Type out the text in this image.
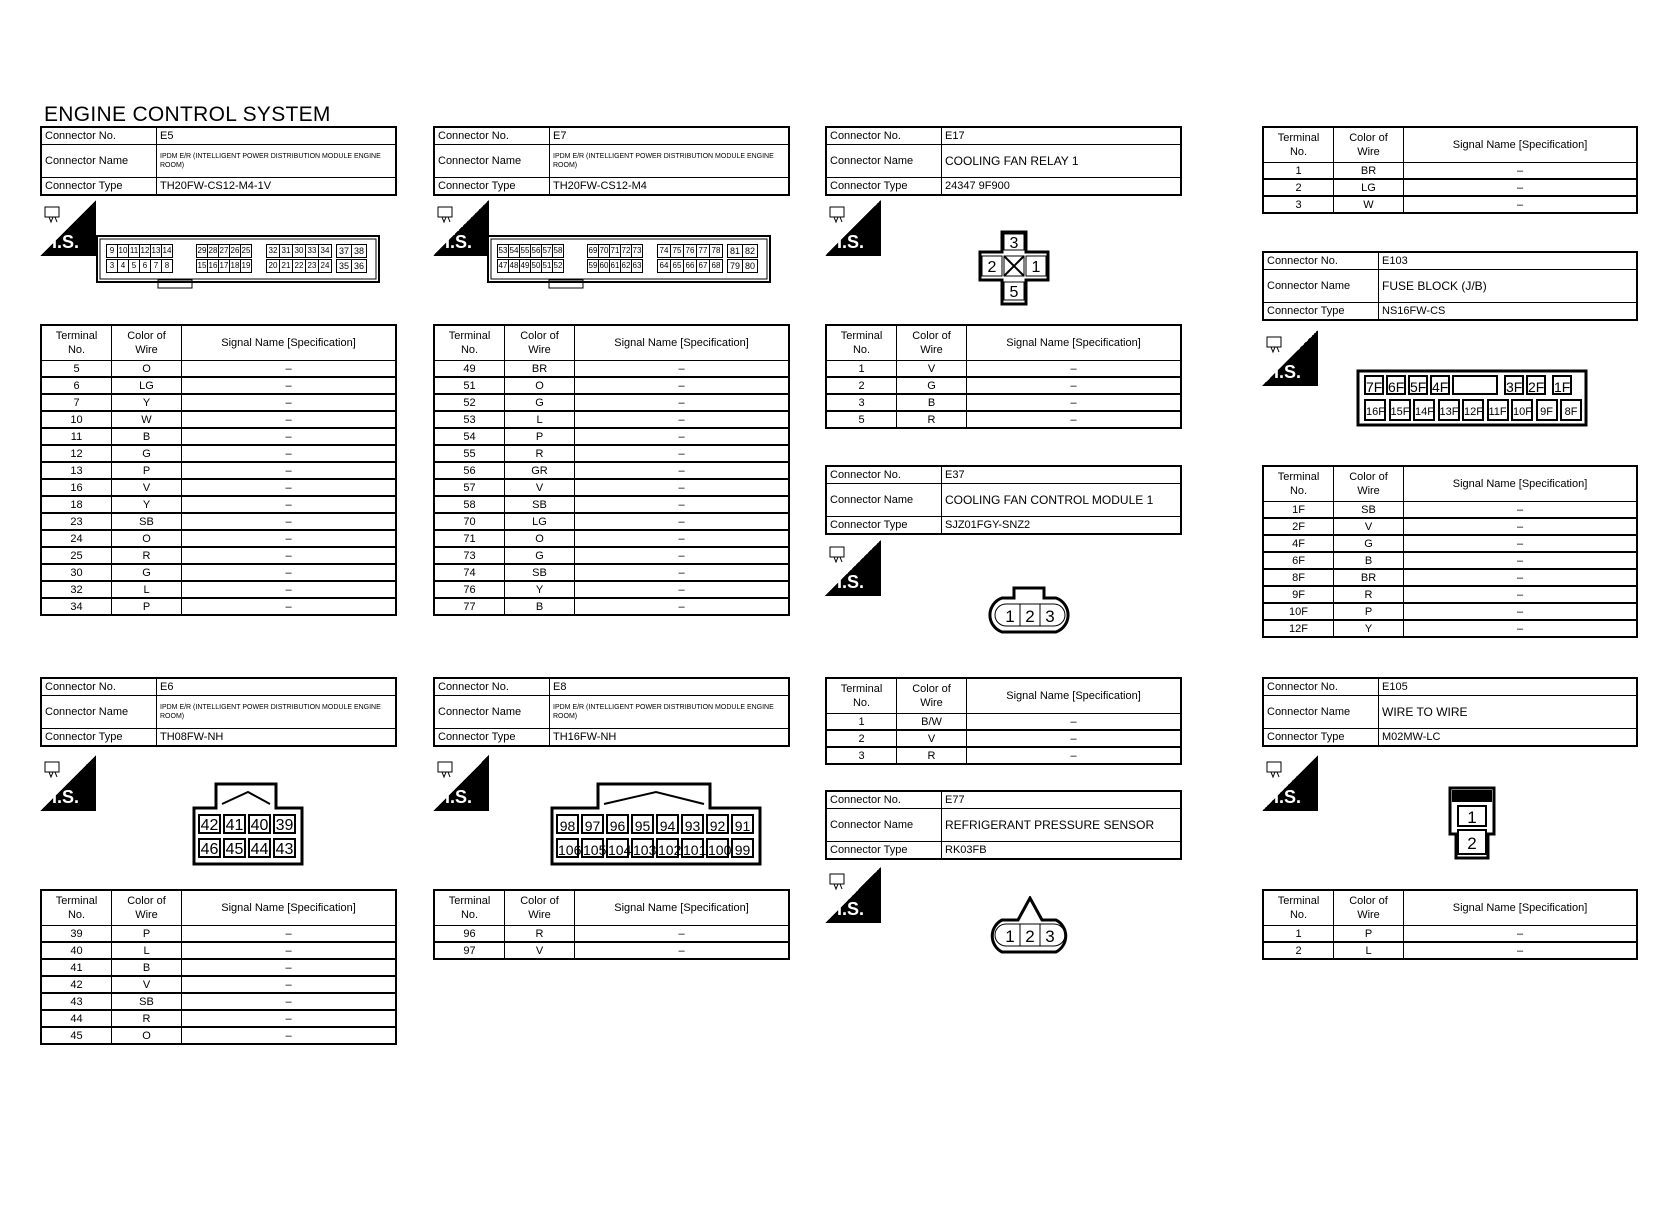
ENGINE CONTROL SYSTEM
Connector No.	E5
Connector Name	IPDM E/R (INTELLIGENT POWER DISTRIBUTION MODULE ENGINE ROOM)
Connector Type	TH20FW-CS12-M4-1V
H.S.	9
3
10
4
11
5
12
6
13
7
14
8
29
15
28
16
27
17
26
18
25
19
32
20
31
21
30
22
33
23
34
24
37
35
38
36
Terminal No.	Color of Wire	Signal Name [Specification]
5	O	–
6	LG	–
7	Y	–
10	W	–
11	B	–
12	G	–
13	P	–
16	V	–
18	Y	–
23	SB	–
24	O	–
25	R	–
30	G	–
32	L	–
34	P	–
Connector No.	E7
Connector Name	IPDM E/R (INTELLIGENT POWER DISTRIBUTION MODULE ENGINE ROOM)
Connector Type	TH20FW-CS12-M4
H.S.	53
47
54
48
55
49
56
50
57
51
58
52
69
59
70
60
71
61
72
62
73
63
74
64
75
65
76
66
77
67
78
68
81
79
82
80
Terminal No.	Color of Wire	Signal Name [Specification]
49	BR	–
51	O	–
52	G	–
53	L	–
54	P	–
55	R	–
56	GR	–
57	V	–
58	SB	–
70	LG	–
71	O	–
73	G	–
74	SB	–
76	Y	–
77	B	–
Connector No.	E17
Connector Name	COOLING FAN RELAY 1
Connector Type	24347 9F900
H.S.	3
2 1
5
Terminal No.	Color of Wire	Signal Name [Specification]
1	V	–
2	G	–
3	B	–
5	R	–
Connector No.	E37
Connector Name	COOLING FAN CONTROL MODULE 1
Connector Type	SJZ01FGY-SNZ2
H.S.
1 2 3
Terminal No.	Color of Wire	Signal Name [Specification]
1	B/W	–
2	V	–
3	R	–
Connector No.	E77
Connector Name	REFRIGERANT PRESSURE SENSOR
Connector Type	RK03FB
H.S.
1 2 3
Connector No.	E6
Connector Name	IPDM E/R (INTELLIGENT POWER DISTRIBUTION MODULE ENGINE ROOM)
Connector Type	TH08FW-NH
H.S.
42 41 40 39
46 45 44 43
Terminal No.	Color of Wire	Signal Name [Specification]
39	P	–
40	L	–
41	B	–
42	V	–
43	SB	–
44	R	–
45	O	–
Connector No.	E8
Connector Name	IPDM E/R (INTELLIGENT POWER DISTRIBUTION MODULE ENGINE ROOM)
Connector Type	TH16FW-NH
H.S.
98 97 96 95 94 93 92 91
106 105 104 103 102 101 100 99
Terminal No.	Color of Wire	Signal Name [Specification]
96	R	–
97	V	–
Terminal No.	Color of Wire	Signal Name [Specification]
1	BR	–
2	LG	–
3	W	–
Connector No.	E103
Connector Name	FUSE BLOCK (J/B)
Connector Type	NS16FW-CS
H.S.
7F 6F 5F 4F	3F 2F 1F
16F 15F 14F 13F 12F 11F 10F 9F	8F
Terminal No.	Color of Wire	Signal Name [Specification]
1F	SB	–
2F	V	–
4F	G	–
6F	B	–
8F	BR	–
9F	R	–
10F	P	–
12F	Y	–
Connector No.	E105
Connector Name	WIRE TO WIRE
Connector Type	M02MW-LC
H.S.
1
2
Terminal No.	Color of Wire	Signal Name [Specification]
1	P	–
2	L	–
